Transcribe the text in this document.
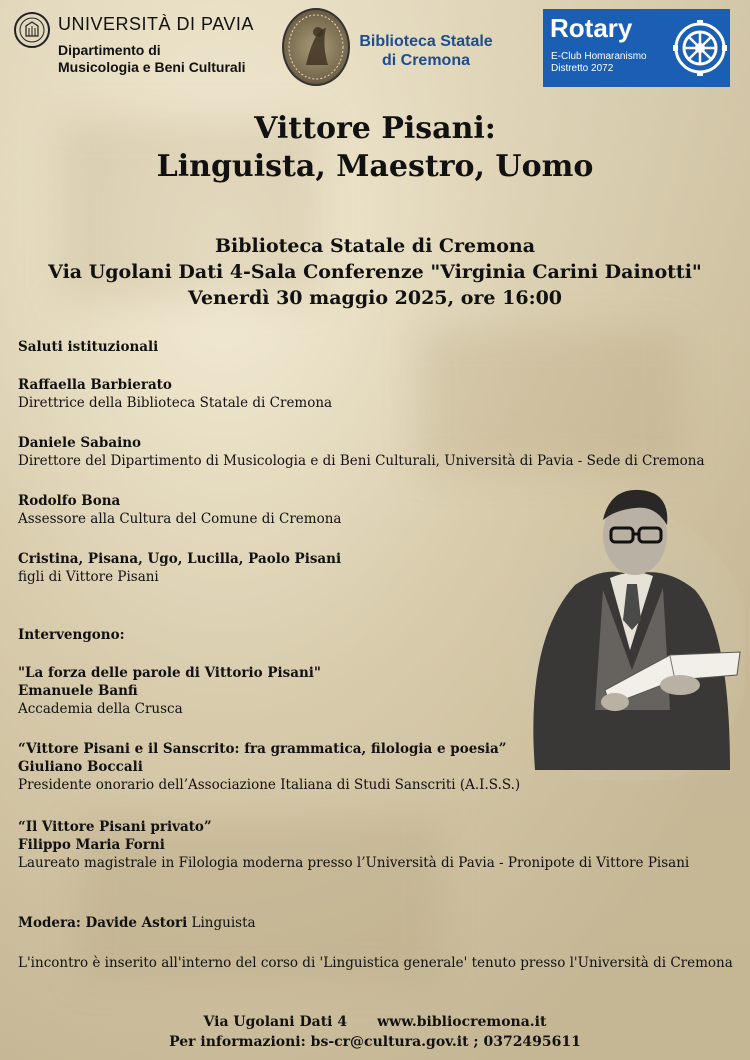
UNIVERSITÀ DI PAVIA
Dipartimento di
Musicologia e Beni Culturali
Biblioteca Statale
di Cremona
Rotary
E-Club Homaranismo
Distretto 2072
Vittore Pisani:
Linguista, Maestro, Uomo
Biblioteca Statale di Cremona
Via Ugolani Dati 4-Sala Conferenze "Virginia Carini Dainotti"
Venerdì 30 maggio 2025, ore 16:00
Saluti istituzionali
Raffaella Barbierato
Direttrice della Biblioteca Statale di Cremona
Daniele Sabaino
Direttore del Dipartimento di Musicologia e di Beni Culturali, Università di Pavia - Sede di Cremona
Rodolfo Bona
Assessore alla Cultura del Comune di Cremona
Cristina, Pisana, Ugo, Lucilla, Paolo Pisani
figli di Vittore Pisani
Intervengono:
"La forza delle parole di Vittorio Pisani"
Emanuele Banfi
Accademia della Crusca
“Vittore Pisani e il Sanscrito: fra grammatica, filologia e poesia”
Giuliano Boccali
Presidente onorario dell’Associazione Italiana di Studi Sanscriti (A.I.S.S.)
“Il Vittore Pisani privato”
Filippo Maria Forni
Laureato magistrale in Filologia moderna presso l’Università di Pavia - Pronipote di Vittore Pisani
Modera: Davide Astori Linguista
L'incontro è inserito all'interno del corso di 'Linguistica generale' tenuto presso l'Università di Cremona
Via Ugolani Dati 4 www.bibliocremona.it
Per informazioni: bs-cr@cultura.gov.it ; 0372495611
